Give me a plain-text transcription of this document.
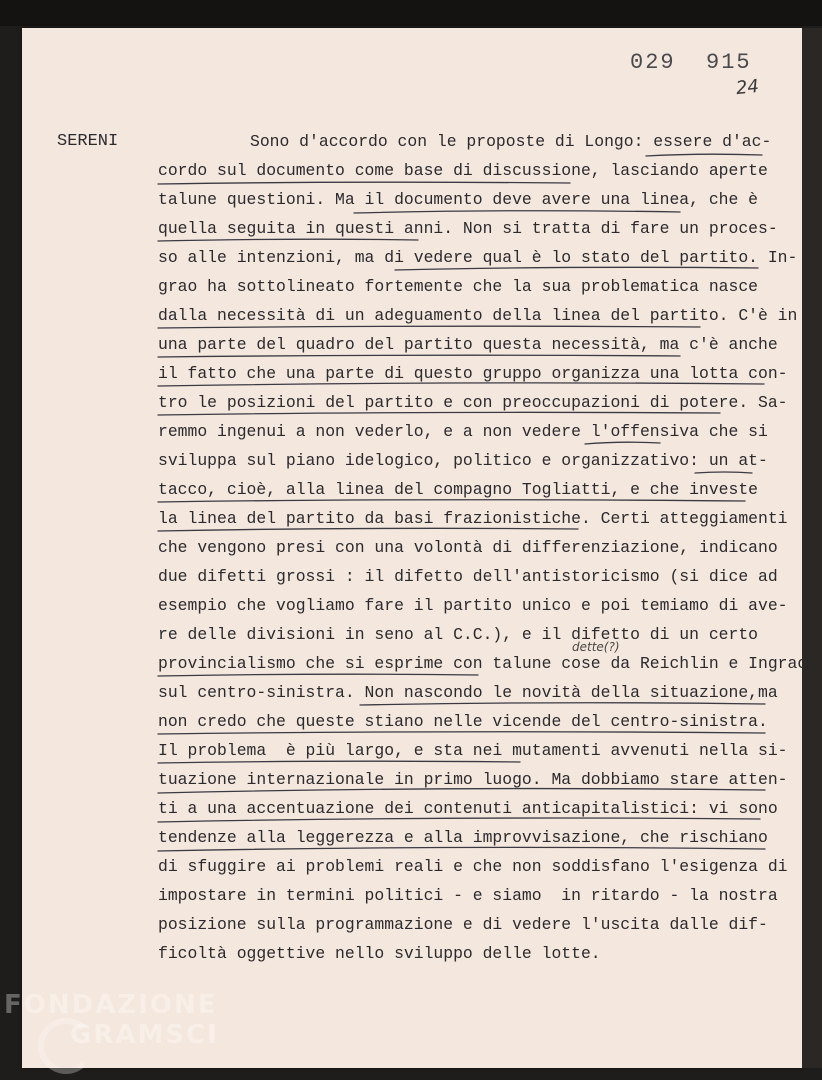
029  915
24
SERENI	Sono d'accordo con le proposte di Longo: essere d'ac-
cordo sul documento come base di discussione, lasciando aperte
talune questioni. Ma il documento deve avere una linea, che è
quella seguita in questi anni. Non si tratta di fare un proces-
so alle intenzioni, ma di vedere qual è lo stato del partito. In-
grao ha sottolineato fortemente che la sua problematica nasce
dalla necessità di un adeguamento della linea del partito. C'è in
una parte del quadro del partito questa necessità, ma c'è anche
il fatto che una parte di questo gruppo organizza una lotta con-
tro le posizioni del partito e con preoccupazioni di potere. Sa-
remmo ingenui a non vederlo, e a non vedere l'offensiva che si
sviluppa sul piano idelogico, politico e organizzativo: un at-
tacco, cioè, alla linea del compagno Togliatti, e che investe
la linea del partito da basi frazionistiche. Certi atteggiamenti
che vengono presi con una volontà di differenziazione, indicano
due difetti grossi : il difetto dell'antistoricismo (si dice ad
esempio che vogliamo fare il partito unico e poi temiamo di ave-
re delle divisioni in seno al C.C.), e il difetto di un certo
provincialismo che si esprime con talune cose da Reichlin e Ingrao
sul centro-sinistra. Non nascondo le novità della situazione,ma
non credo che queste stiano nelle vicende del centro-sinistra.
Il problema  è più largo, e sta nei mutamenti avvenuti nella si-
tuazione internazionale in primo luogo. Ma dobbiamo stare atten-
ti a una accentuazione dei contenuti anticapitalistici: vi sono
tendenze alla leggerezza e alla improvvisazione, che rischiano
di sfuggire ai problemi reali e che non soddisfano l'esigenza di
impostare in termini politici - e siamo  in ritardo - la nostra
posizione sulla programmazione e di vedere l'uscita dalle dif-
ficoltà oggettive nello sviluppo delle lotte.
dette(?)
FONDAZIONE
GRAMSCI
